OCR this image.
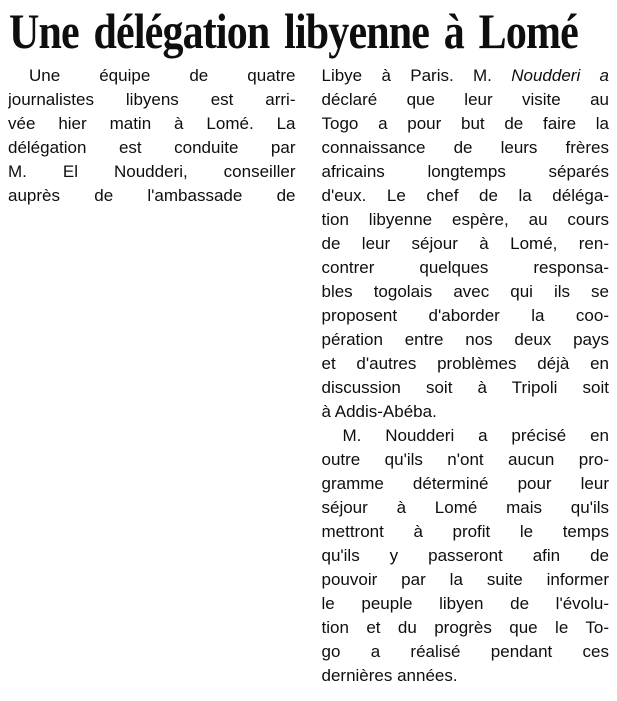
Une délégation libyenne à Lomé
Une équipe de quatre
journalistes libyens est arri-
vée hier matin à Lomé. La
délégation est conduite par
M. El Noudderi, conseiller
auprès de l'ambassade de
Libye à Paris. M. Noudderi a
déclaré que leur visite au
Togo a pour but de faire la
connaissance de leurs frères
africains longtemps séparés
d'eux. Le chef de la déléga-
tion libyenne espère, au cours
de leur séjour à Lomé, ren-
contrer quelques responsa-
bles togolais avec qui ils se
proposent d'aborder la coo-
pération entre nos deux pays
et d'autres problèmes déjà en
discussion soit à Tripoli soit
à Addis-Abéba.
M. Noudderi a précisé en
outre qu'ils n'ont aucun pro-
gramme déterminé pour leur
séjour à Lomé mais qu'ils
mettront à profit le temps
qu'ils y passeront afin de
pouvoir par la suite informer
le peuple libyen de l'évolu-
tion et du progrès que le To-
go a réalisé pendant ces
dernières années.
